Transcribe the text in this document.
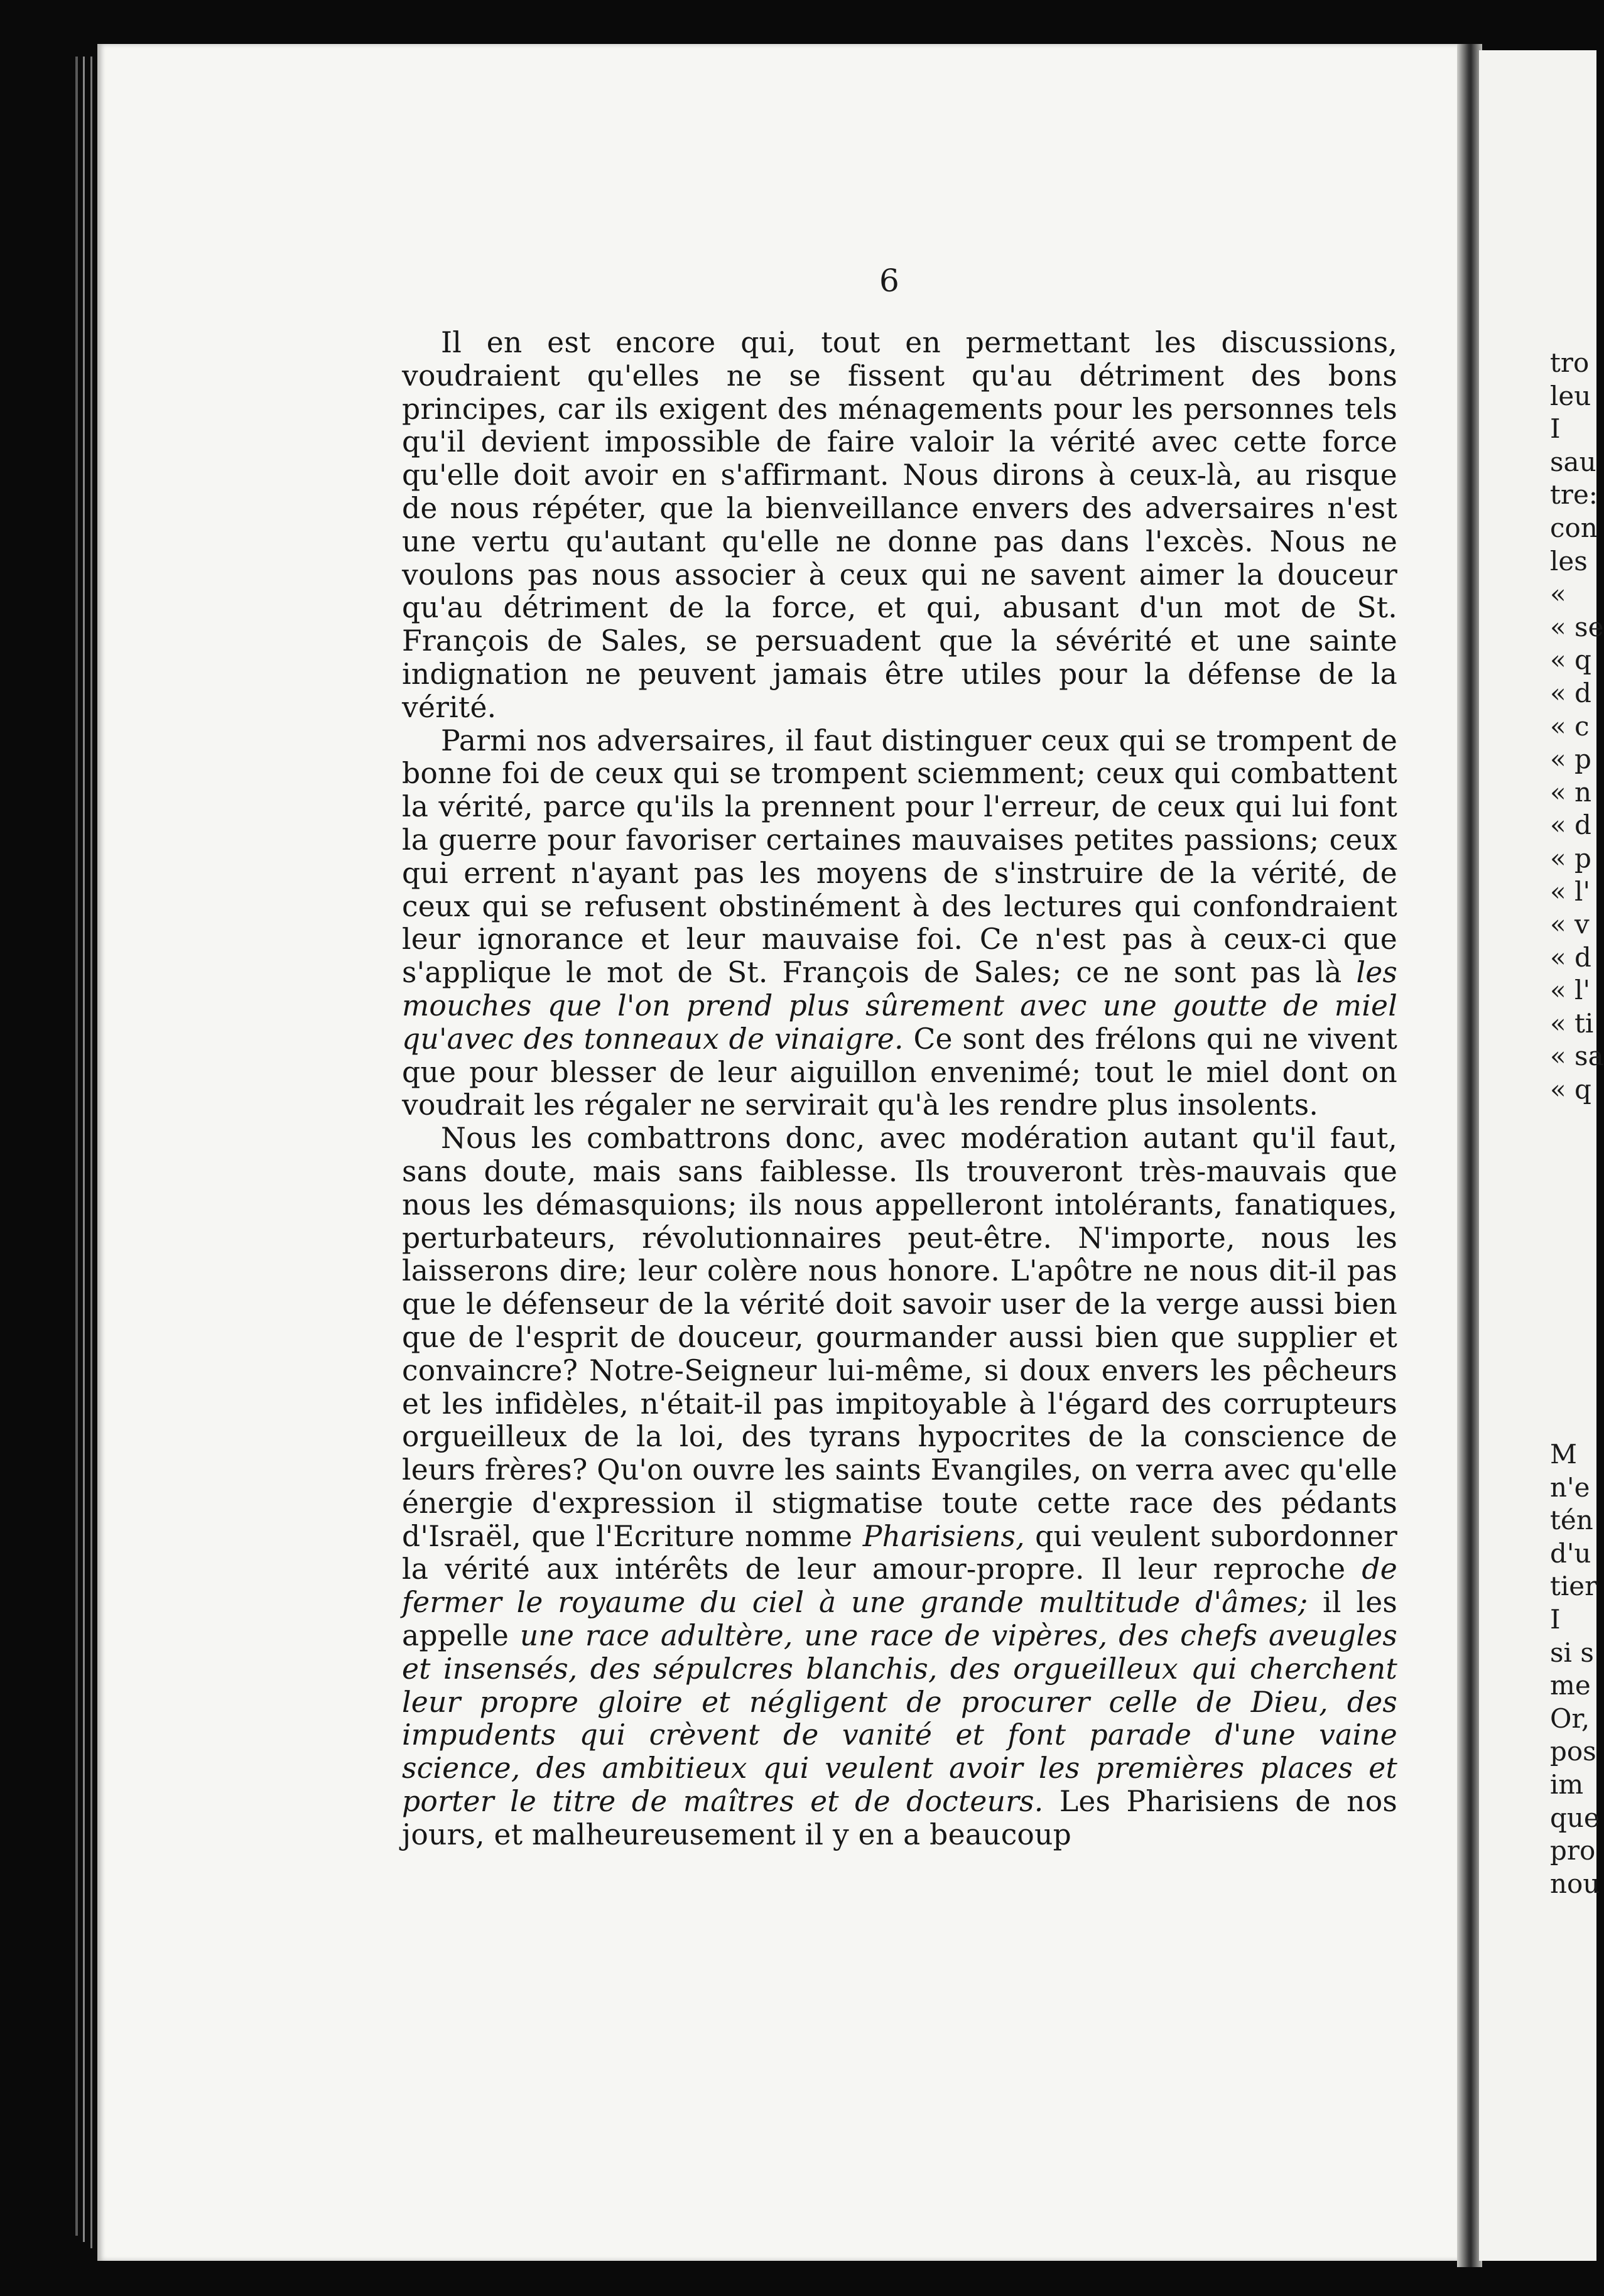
6

Il en est encore qui, tout en permettant les discussions, voudraient qu'elles ne se fissent qu'au détriment des bons principes, car ils exigent des ménagements pour les personnes tels qu'il devient impossible de faire valoir la vérité avec cette force qu'elle doit avoir en s'affirmant. Nous dirons à ceux-là, au risque de nous répéter, que la bienveillance envers des adversaires n'est une vertu qu'autant qu'elle ne donne pas dans l'excès. Nous ne voulons pas nous associer à ceux qui ne savent aimer la douceur qu'au détriment de la force, et qui, abusant d'un mot de St. François de Sales, se persuadent que la sévérité et une sainte indignation ne peuvent jamais être utiles pour la défense de la vérité.

Parmi nos adversaires, il faut distinguer ceux qui se trompent de bonne foi de ceux qui se trompent sciemment; ceux qui combattent la vérité, parce qu'ils la prennent pour l'erreur, de ceux qui lui font la guerre pour favoriser certaines mauvaises petites passions; ceux qui errent n'ayant pas les moyens de s'instruire de la vérité, de ceux qui se refusent obstinément à des lectures qui confondraient leur ignorance et leur mauvaise foi. Ce n'est pas à ceux-ci que s'applique le mot de St. François de Sales; ce ne sont pas là les mouches que l'on prend plus sûrement avec une goutte de miel qu'avec des tonneaux de vinaigre. Ce sont des frélons qui ne vivent que pour blesser de leur aiguillon envenimé; tout le miel dont on voudrait les régaler ne servirait qu'à les rendre plus insolents.

Nous les combattrons donc, avec modération autant qu'il faut, sans doute, mais sans faiblesse. Ils trouveront très-mauvais que nous les démasquions; ils nous appelleront intolérants, fanatiques, perturbateurs, révolutionnaires peut-être. N'importe, nous les laisserons dire; leur colère nous honore. L'apôtre ne nous dit-il pas que le défenseur de la vérité doit savoir user de la verge aussi bien que de l'esprit de douceur, gourmander aussi bien que supplier et convaincre? Notre-Seigneur lui-même, si doux envers les pêcheurs et les infidèles, n'était-il pas impitoyable à l'égard des corrupteurs orgueilleux de la loi, des tyrans hypocrites de la conscience de leurs frères? Qu'on ouvre les saints Evangiles, on verra avec qu'elle énergie d'expression il stigmatise toute cette race des pédants d'Israël, que l'Ecriture nomme Pharisiens, qui veulent subordonner la vérité aux intérêts de leur amour-propre. Il leur reproche de fermer le royaume du ciel à une grande multitude d'âmes; il les appelle une race adultère, une race de vipères, des chefs aveugles et insensés, des sépulcres blanchis, des orgueilleux qui cherchent leur propre gloire et négligent de procurer celle de Dieu, des impudents qui crèvent de vanité et font parade d'une vaine science, des ambitieux qui veulent avoir les premières places et porter le titre de maîtres et de docteurs. Les Pharisiens de nos jours, et malheureusement il y en a beaucoup

tro
leu
I
sau
tre:
con
les
«
« se
« q
« d
« c
« p
« n
« d
« p
« l'
« v
« d
« l'
« ti
« sa
« q
M
n'e
tén
d'u
tier
I
si s
me
Or,
pos
im
que
pro
nou
